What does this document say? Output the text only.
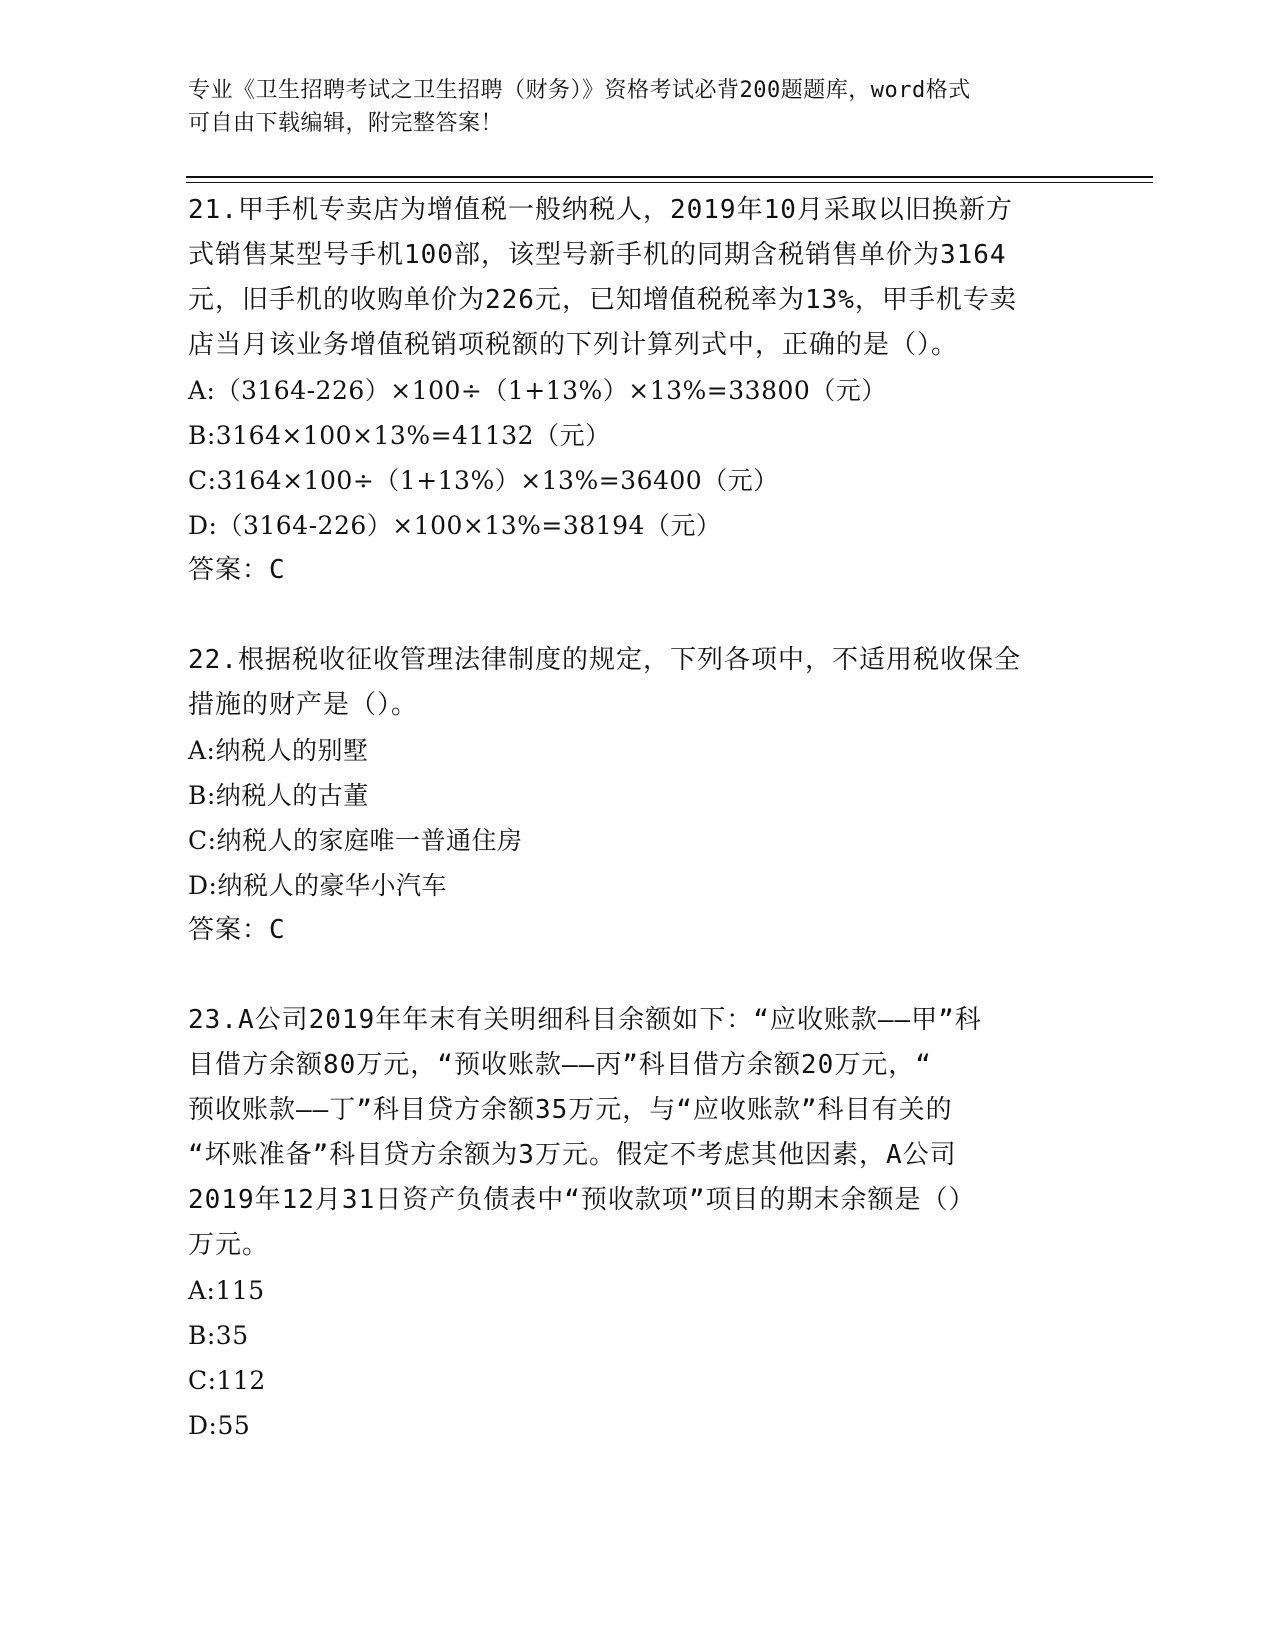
专业《卫生招聘考试之卫生招聘（财务）》资格考试必背200题题库，word格式
可自由下载编辑，附完整答案！
21.甲手机专卖店为增值税一般纳税人，2019年10月采取以旧换新方
式销售某型号手机100部，该型号新手机的同期含税销售单价为3164
元，旧手机的收购单价为226元，已知增值税税率为13%，甲手机专卖
店当月该业务增值税销项税额的下列计算列式中，正确的是（）。
A:（3164-226）×100÷（1+13%）×13%=33800（元）
B:3164×100×13%=41132（元）
C:3164×100÷（1+13%）×13%=36400（元）
D:（3164-226）×100×13%=38194（元）
答案：C
22.根据税收征收管理法律制度的规定，下列各项中，不适用税收保全
措施的财产是（）。
A:纳税人的别墅
B:纳税人的古董
C:纳税人的家庭唯一普通住房
D:纳税人的豪华小汽车
答案：C
23.A公司2019年年末有关明细科目余额如下：“应收账款——甲”科
目借方余额80万元，“预收账款——丙”科目借方余额20万元，“
预收账款——丁”科目贷方余额35万元，与“应收账款”科目有关的
“坏账准备”科目贷方余额为3万元。假定不考虑其他因素，A公司
2019年12月31日资产负债表中“预收款项”项目的期末余额是（）
万元。
A:115
B:35
C:112
D:55
